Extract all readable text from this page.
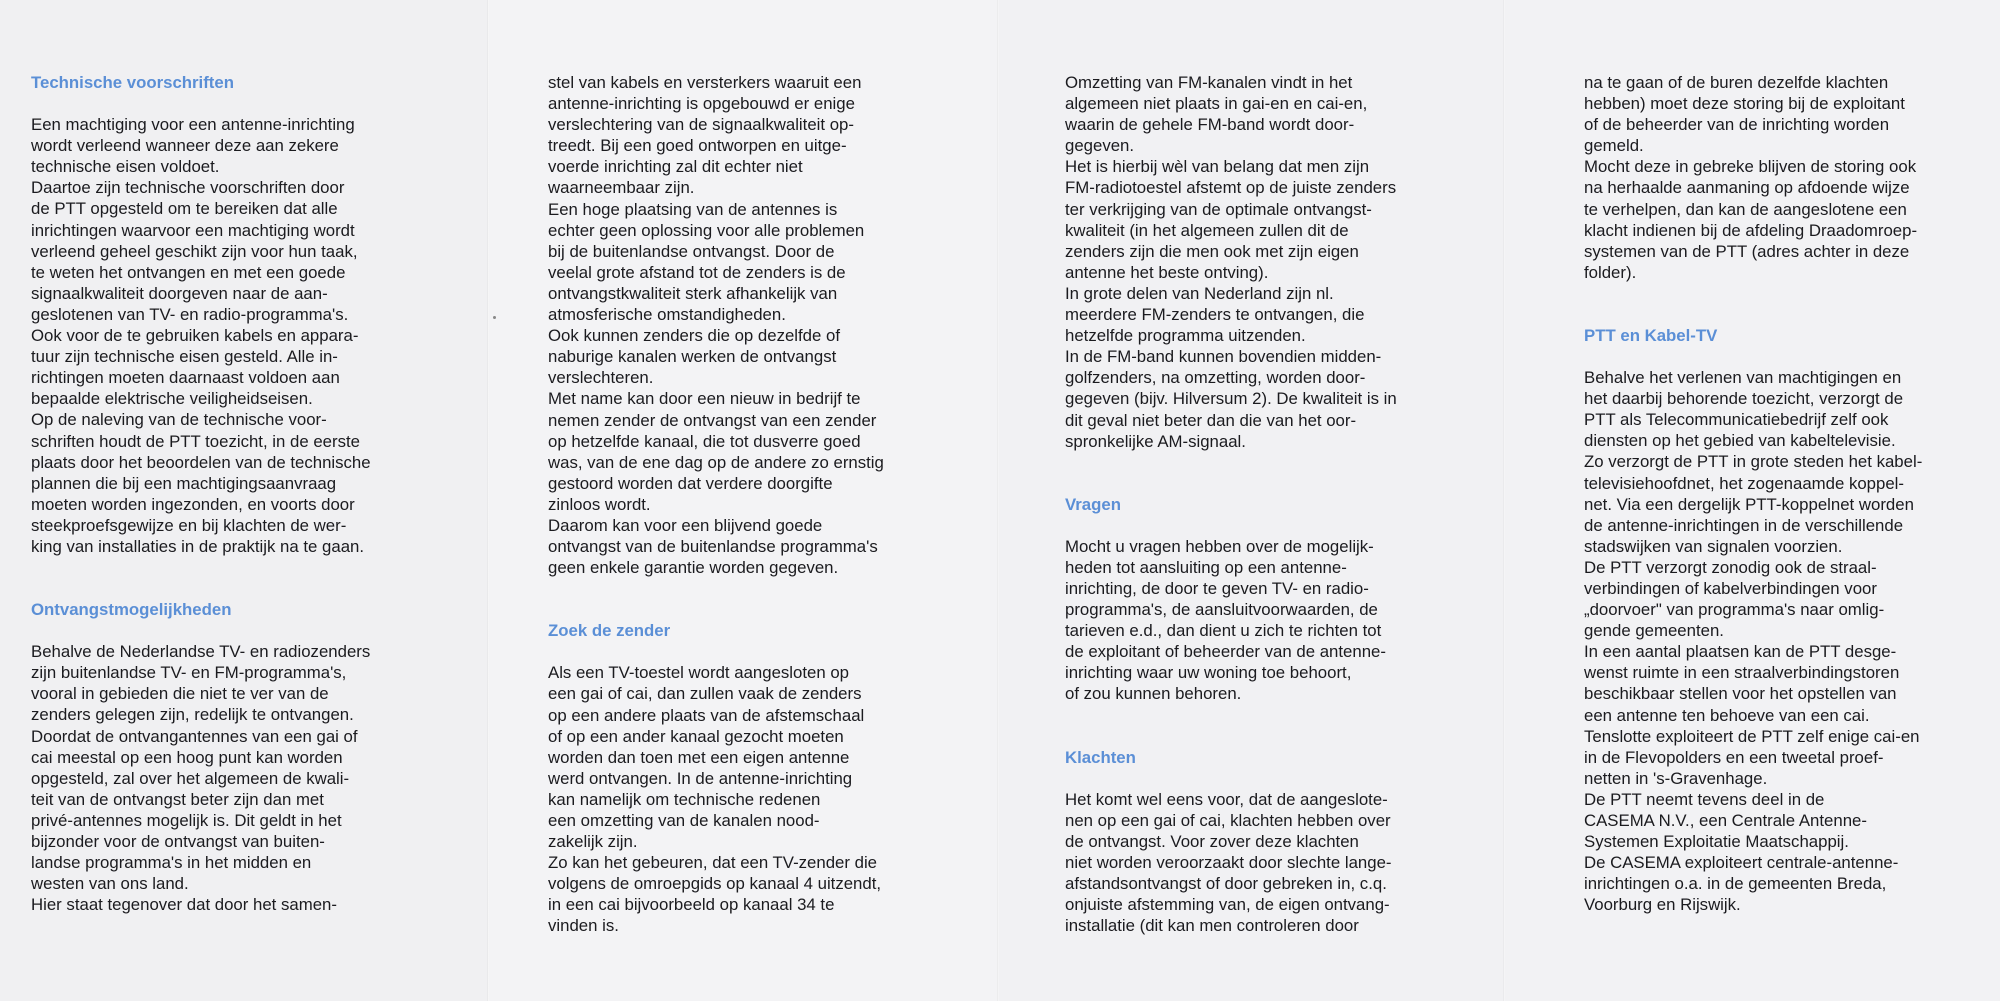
Technische voorschriften

Een machtiging voor een antenne-inrichting
wordt verleend wanneer deze aan zekere
technische eisen voldoet.
Daartoe zijn technische voorschriften door
de PTT opgesteld om te bereiken dat alle
inrichtingen waarvoor een machtiging wordt
verleend geheel geschikt zijn voor hun taak,
te weten het ontvangen en met een goede
signaalkwaliteit doorgeven naar de aan-
geslotenen van TV- en radio-programma's.
Ook voor de te gebruiken kabels en appara-
tuur zijn technische eisen gesteld. Alle in-
richtingen moeten daarnaast voldoen aan
bepaalde elektrische veiligheidseisen.
Op de naleving van de technische voor-
schriften houdt de PTT toezicht, in de eerste
plaats door het beoordelen van de technische
plannen die bij een machtigingsaanvraag
moeten worden ingezonden, en voorts door
steekproefsgewijze en bij klachten de wer-
king van installaties in de praktijk na te gaan.

Ontvangstmogelijkheden

Behalve de Nederlandse TV- en radiozenders
zijn buitenlandse TV- en FM-programma's,
vooral in gebieden die niet te ver van de
zenders gelegen zijn, redelijk te ontvangen.
Doordat de ontvangantennes van een gai of
cai meestal op een hoog punt kan worden
opgesteld, zal over het algemeen de kwali-
teit van de ontvangst beter zijn dan met
privé-antennes mogelijk is. Dit geldt in het
bijzonder voor de ontvangst van buiten-
landse programma's in het midden en
westen van ons land.
Hier staat tegenover dat door het samen-

stel van kabels en versterkers waaruit een
antenne-inrichting is opgebouwd er enige
verslechtering van de signaalkwaliteit op-
treedt. Bij een goed ontworpen en uitge-
voerde inrichting zal dit echter niet
waarneembaar zijn.
Een hoge plaatsing van de antennes is
echter geen oplossing voor alle problemen
bij de buitenlandse ontvangst. Door de
veelal grote afstand tot de zenders is de
ontvangstkwaliteit sterk afhankelijk van
atmosferische omstandigheden.
Ook kunnen zenders die op dezelfde of
naburige kanalen werken de ontvangst
verslechteren.
Met name kan door een nieuw in bedrijf te
nemen zender de ontvangst van een zender
op hetzelfde kanaal, die tot dusverre goed
was, van de ene dag op de andere zo ernstig
gestoord worden dat verdere doorgifte
zinloos wordt.
Daarom kan voor een blijvend goede
ontvangst van de buitenlandse programma's
geen enkele garantie worden gegeven.

Zoek de zender

Als een TV-toestel wordt aangesloten op
een gai of cai, dan zullen vaak de zenders
op een andere plaats van de afstemschaal
of op een ander kanaal gezocht moeten
worden dan toen met een eigen antenne
werd ontvangen. In de antenne-inrichting
kan namelijk om technische redenen
een omzetting van de kanalen nood-
zakelijk zijn.
Zo kan het gebeuren, dat een TV-zender die
volgens de omroepgids op kanaal 4 uitzendt,
in een cai bijvoorbeeld op kanaal 34 te
vinden is.

Omzetting van FM-kanalen vindt in het
algemeen niet plaats in gai-en en cai-en,
waarin de gehele FM-band wordt door-
gegeven.
Het is hierbij wèl van belang dat men zijn
FM-radiotoestel afstemt op de juiste zenders
ter verkrijging van de optimale ontvangst-
kwaliteit (in het algemeen zullen dit de
zenders zijn die men ook met zijn eigen
antenne het beste ontving).
In grote delen van Nederland zijn nl.
meerdere FM-zenders te ontvangen, die
hetzelfde programma uitzenden.
In de FM-band kunnen bovendien midden-
golfzenders, na omzetting, worden door-
gegeven (bijv. Hilversum 2). De kwaliteit is in
dit geval niet beter dan die van het oor-
spronkelijke AM-signaal.

Vragen

Mocht u vragen hebben over de mogelijk-
heden tot aansluiting op een antenne-
inrichting, de door te geven TV- en radio-
programma's, de aansluitvoorwaarden, de
tarieven e.d., dan dient u zich te richten tot
de exploitant of beheerder van de antenne-
inrichting waar uw woning toe behoort,
of zou kunnen behoren.

Klachten

Het komt wel eens voor, dat de aangeslote-
nen op een gai of cai, klachten hebben over
de ontvangst. Voor zover deze klachten
niet worden veroorzaakt door slechte lange-
afstandsontvangst of door gebreken in, c.q.
onjuiste afstemming van, de eigen ontvang-
installatie (dit kan men controleren door

na te gaan of de buren dezelfde klachten
hebben) moet deze storing bij de exploitant
of de beheerder van de inrichting worden
gemeld.
Mocht deze in gebreke blijven de storing ook
na herhaalde aanmaning op afdoende wijze
te verhelpen, dan kan de aangeslotene een
klacht indienen bij de afdeling Draadomroep-
systemen van de PTT (adres achter in deze
folder).

PTT en Kabel-TV

Behalve het verlenen van machtigingen en
het daarbij behorende toezicht, verzorgt de
PTT als Telecommunicatiebedrijf zelf ook
diensten op het gebied van kabeltelevisie.
Zo verzorgt de PTT in grote steden het kabel-
televisiehoofdnet, het zogenaamde koppel-
net. Via een dergelijk PTT-koppelnet worden
de antenne-inrichtingen in de verschillende
stadswijken van signalen voorzien.
De PTT verzorgt zonodig ook de straal-
verbindingen of kabelverbindingen voor
„doorvoer" van programma's naar omlig-
gende gemeenten.
In een aantal plaatsen kan de PTT desge-
wenst ruimte in een straalverbindingstoren
beschikbaar stellen voor het opstellen van
een antenne ten behoeve van een cai.
Tenslotte exploiteert de PTT zelf enige cai-en
in de Flevopolders en een tweetal proef-
netten in 's-Gravenhage.
De PTT neemt tevens deel in de
CASEMA N.V., een Centrale Antenne-
Systemen Exploitatie Maatschappij.
De CASEMA exploiteert centrale-antenne-
inrichtingen o.a. in de gemeenten Breda,
Voorburg en Rijswijk.
